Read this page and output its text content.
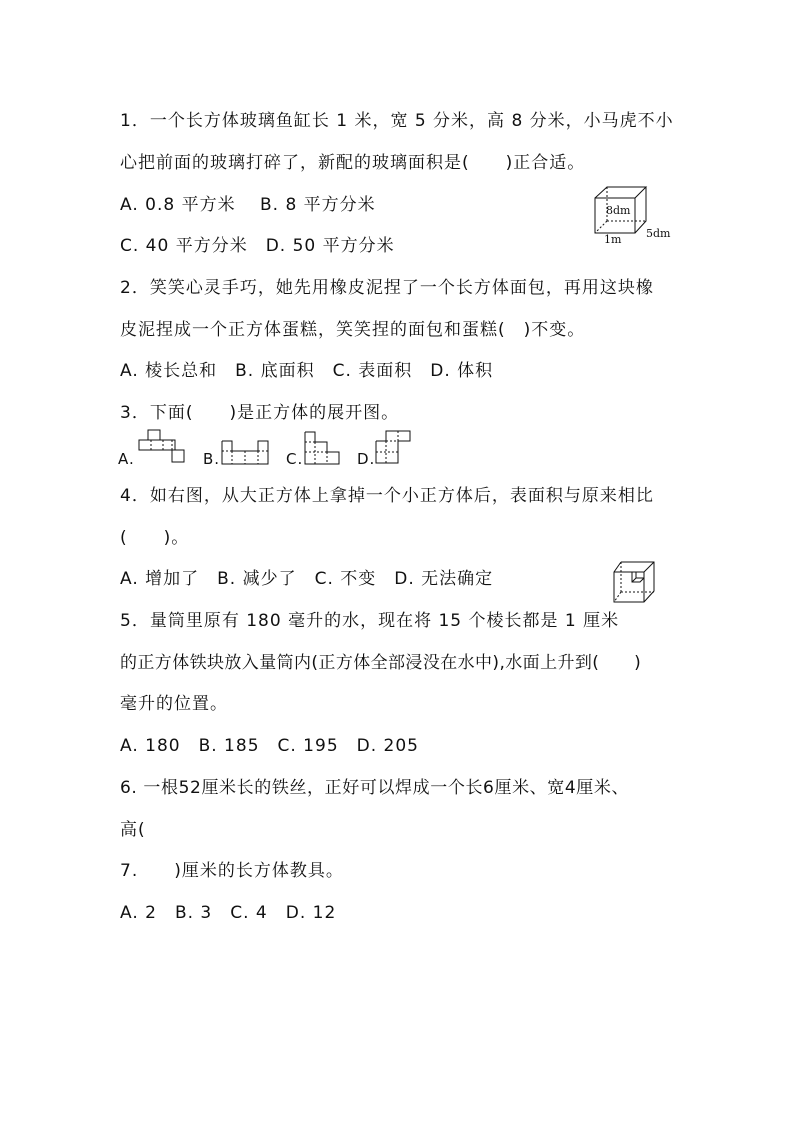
1．一个长方体玻璃鱼缸长 1 米，宽 5 分米，高 8 分米，小马虎不小
心把前面的玻璃打碎了，新配的玻璃面积是(　　)正合适。
A. 0.8 平方米　 B. 8 平方分米
C. 40 平方分米　D. 50 平方分米
8dm
1m 5dm
2．笑笑心灵手巧，她先用橡皮泥捏了一个长方体面包，再用这块橡
皮泥捏成一个正方体蛋糕，笑笑捏的面包和蛋糕(　)不变。
A. 棱长总和　B. 底面积　C. 表面积　D. 体积
3．下面(　　)是正方体的展开图。
A.	B.	C.	D.
4．如右图，从大正方体上拿掉一个小正方体后，表面积与原来相比
(　　)。
A. 增加了　B. 减少了　C. 不变　D. 无法确定
5．量筒里原有 180 毫升的水，现在将 15 个棱长都是 1 厘米
的正方体铁块放入量筒内(正方体全部浸没在水中),水面上升到(　　)
毫升的位置。
A. 180　B. 185　C. 195　D. 205
6. 一根52厘米长的铁丝，正好可以焊成一个长6厘米、宽4厘米、
高(
7.　　)厘米的长方体教具。
A. 2　B. 3　C. 4　D. 12
